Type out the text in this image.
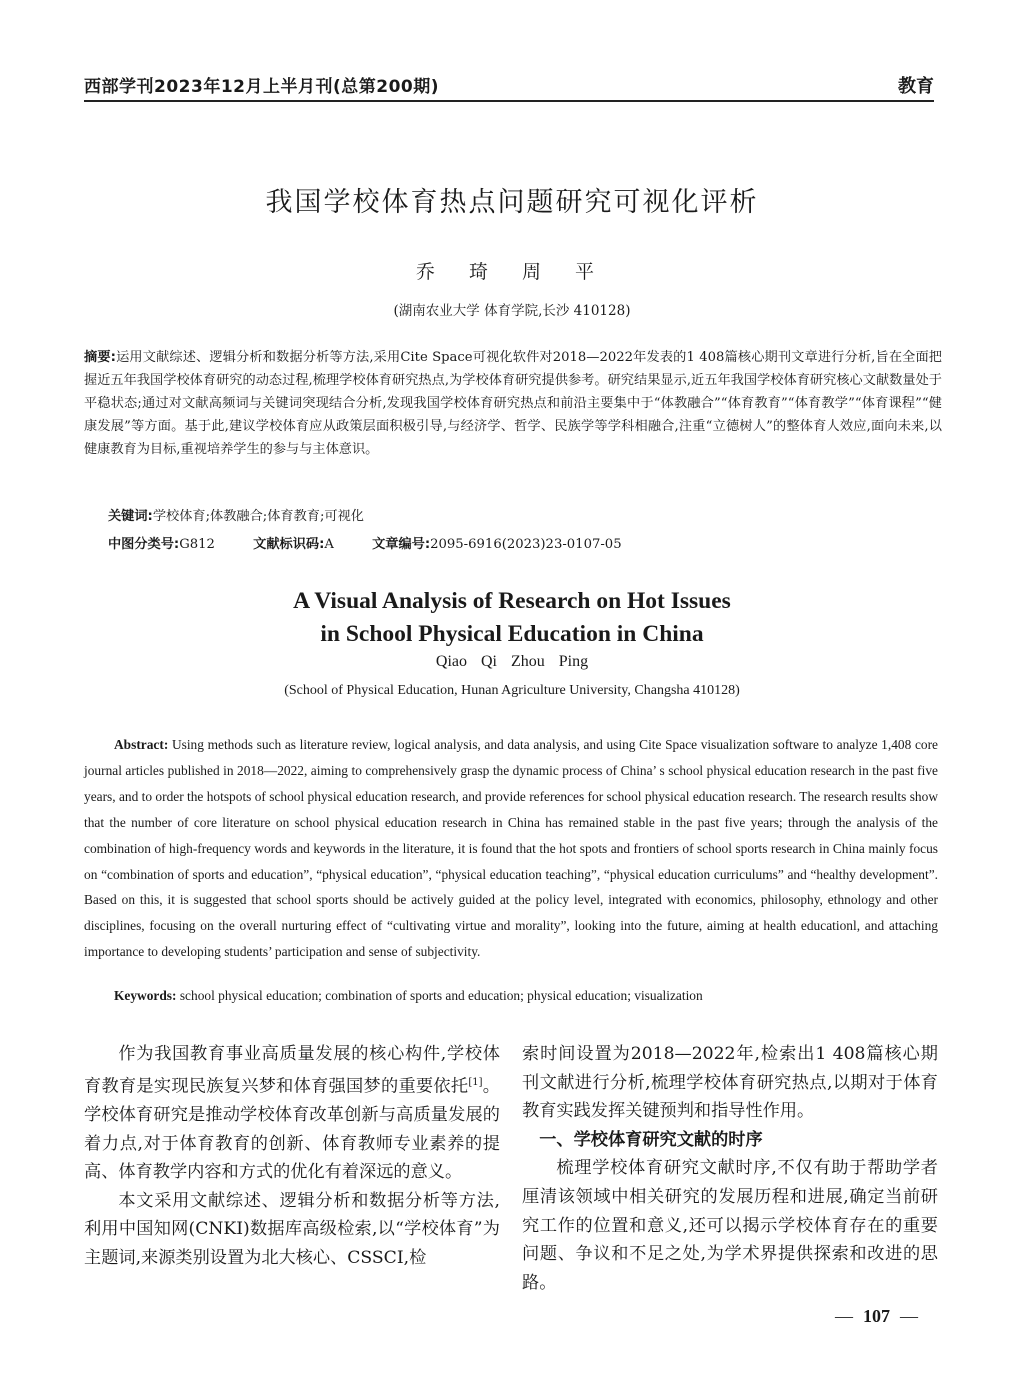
西部学刊2023年12月上半月刊(总第200期)	教育
我国学校体育热点问题研究可视化评析
乔 琦 周 平
(湖南农业大学 体育学院,长沙 410128)
摘要:运用文献综述、逻辑分析和数据分析等方法,采用Cite Space可视化软件对2018—2022年发表的1 408篇核心期刊文章进行分析,旨在全面把握近五年我国学校体育研究的动态过程,梳理学校体育研究热点,为学校体育研究提供参考。研究结果显示,近五年我国学校体育研究核心文献数量处于平稳状态;通过对文献高频词与关键词突现结合分析,发现我国学校体育研究热点和前沿主要集中于“体教融合”“体育教育”“体育教学”“体育课程”“健康发展”等方面。基于此,建议学校体育应从政策层面积极引导,与经济学、哲学、民族学等学科相融合,注重“立德树人”的整体育人效应,面向未来,以健康教育为目标,重视培养学生的参与与主体意识。
关键词:学校体育;体教融合;体育教育;可视化
中图分类号:G812	文献标识码:A	文章编号:2095-6916(2023)23-0107-05
A Visual Analysis of Research on Hot Issues
in School Physical Education in China
Qiao Qi Zhou Ping
(School of Physical Education, Hunan Agriculture University, Changsha 410128)
Abstract: Using methods such as literature review, logical analysis, and data analysis, and using Cite Space visualization software to analyze 1,408 core journal articles published in 2018—2022, aiming to comprehensively grasp the dynamic process of China’ s school physical education research in the past five years, and to order the hotspots of school physical education research, and provide references for school physical education research. The research results show that the number of core literature on school physical education research in China has remained stable in the past five years; through the analysis of the combination of high-frequency words and keywords in the literature, it is found that the hot spots and frontiers of school sports research in China mainly focus on “combination of sports and education”, “physical education”, “physical education teaching”, “physical education curriculums” and “healthy development”. Based on this, it is suggested that school sports should be actively guided at the policy level, integrated with economics, philosophy, ethnology and other disciplines, focusing on the overall nurturing effect of “cultivating virtue and morality”, looking into the future, aiming at health educationl, and attaching importance to developing students’ participation and sense of subjectivity.
Keywords: school physical education; combination of sports and education; physical education; visualization

作为我国教育事业高质量发展的核心构件,学校体育教育是实现民族复兴梦和体育强国梦的重要依托[1]。学校体育研究是推动学校体育改革创新与高质量发展的着力点,对于体育教育的创新、体育教师专业素养的提高、体育教学内容和方式的优化有着深远的意义。

本文采用文献综述、逻辑分析和数据分析等方法,利用中国知网(CNKI)数据库高级检索,以“学校体育”为主题词,来源类别设置为北大核心、CSSCI,检

索时间设置为2018—2022年,检索出1 408篇核心期刊文献进行分析,梳理学校体育研究热点,以期对于体育教育实践发挥关键预判和指导性作用。

一、学校体育研究文献的时序

梳理学校体育研究文献时序,不仅有助于帮助学者厘清该领域中相关研究的发展历程和进展,确定当前研究工作的位置和意义,还可以揭示学校体育存在的重要问题、争议和不足之处,为学术界提供探索和改进的思路。

— 107 —
